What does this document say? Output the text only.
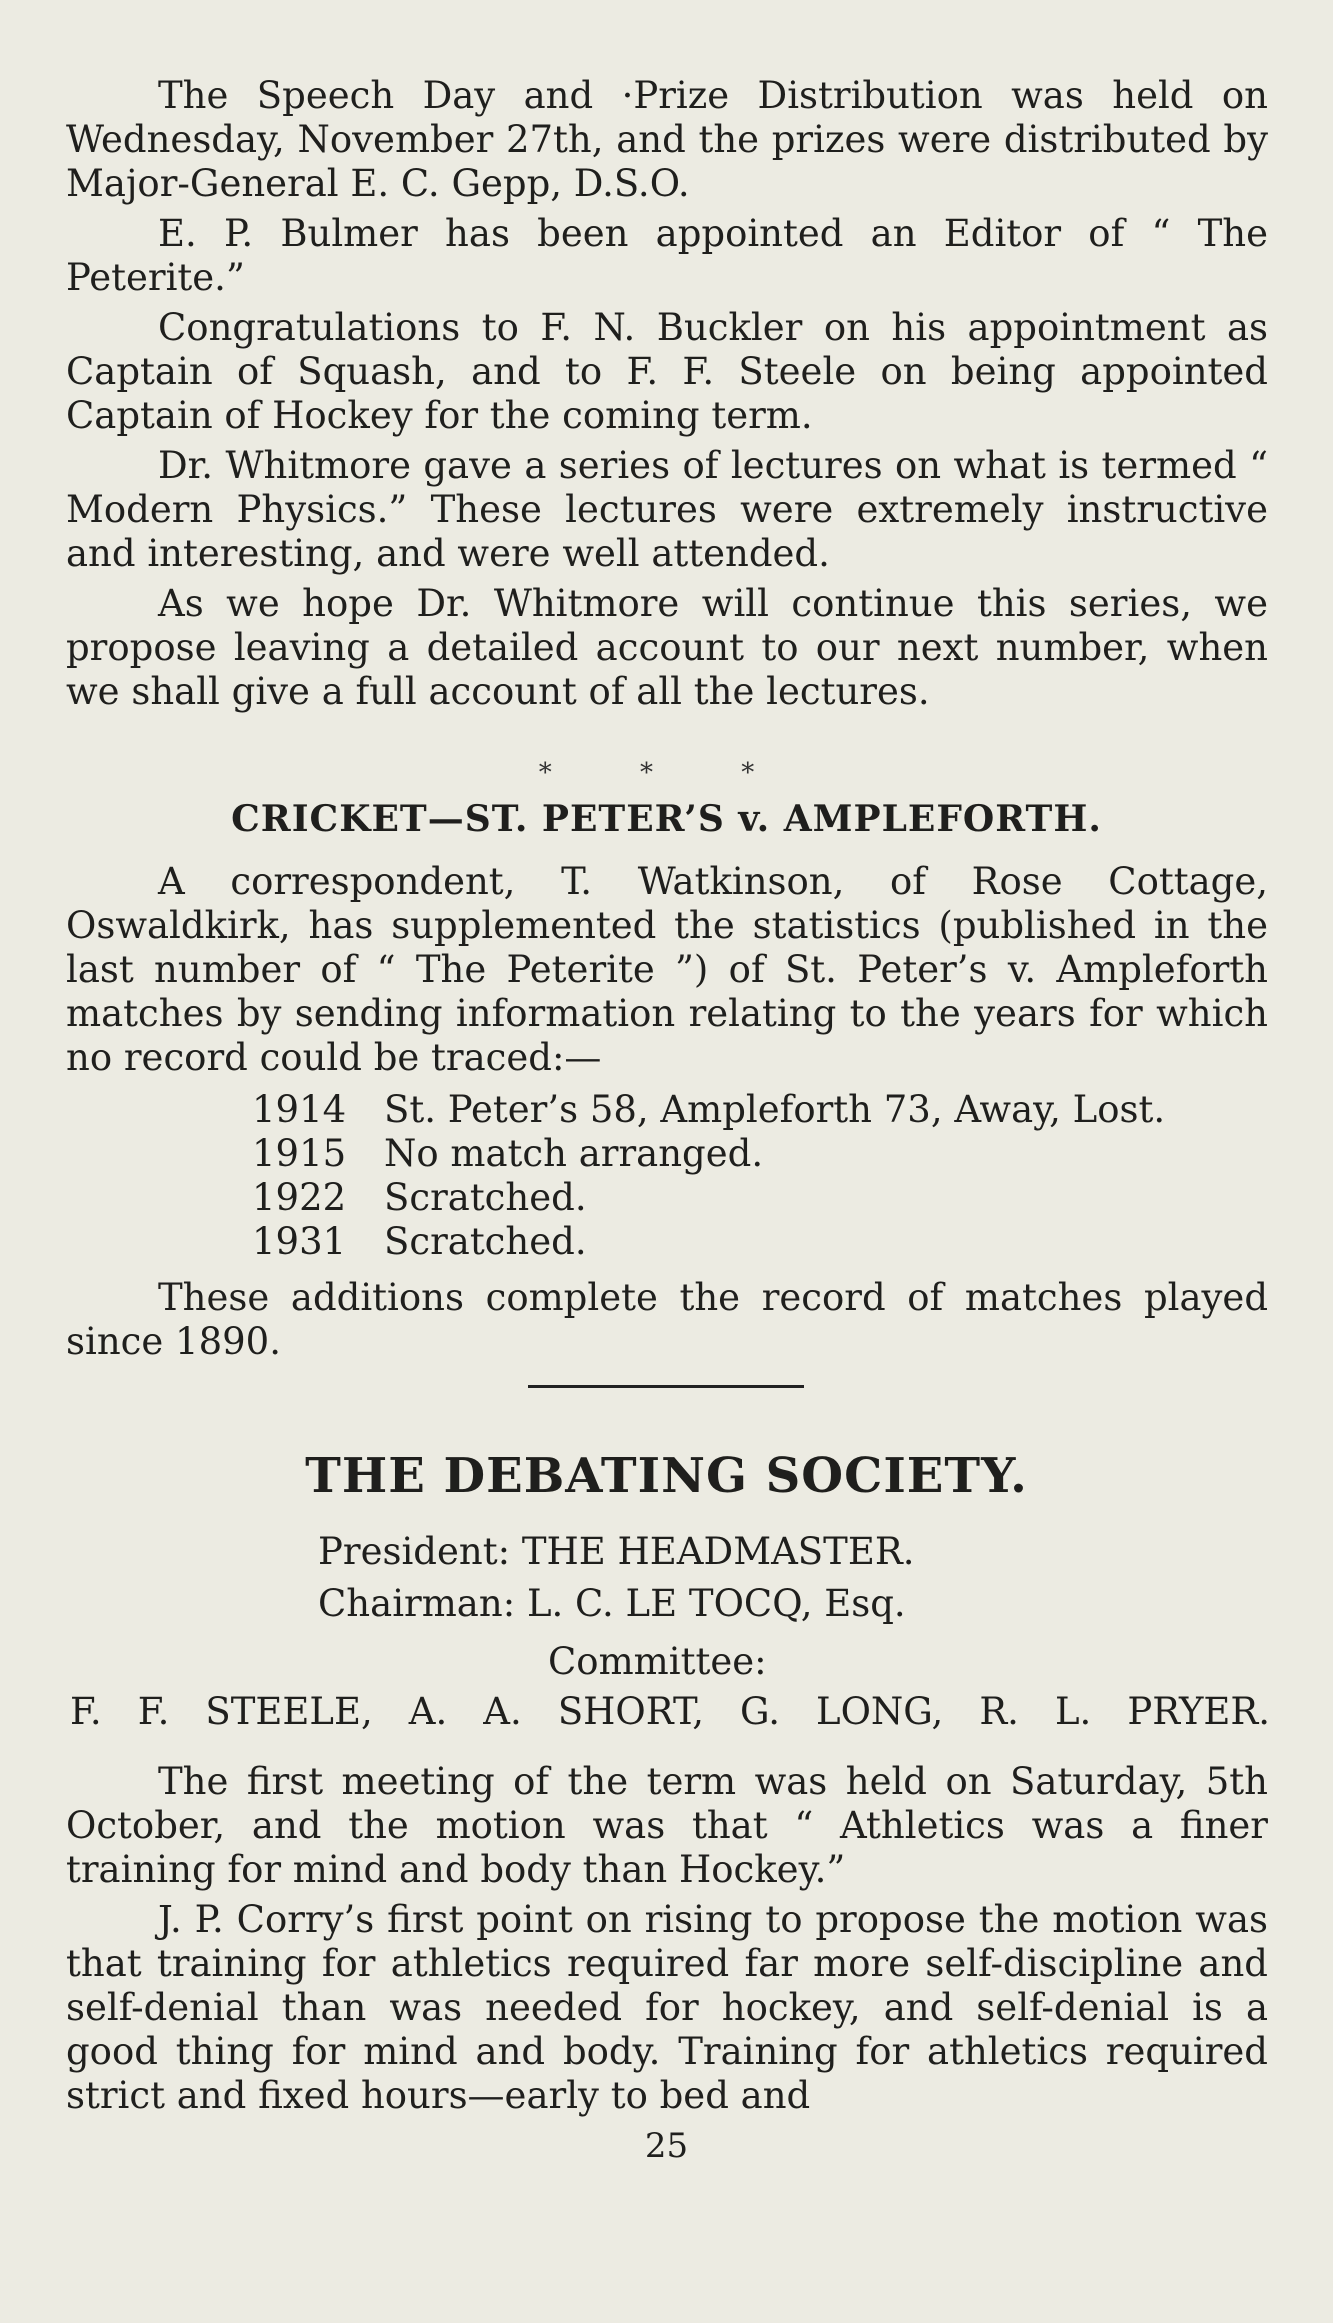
The Speech Day and ·Prize Distribution was held on Wednesday, November 27th, and the prizes were distributed by Major-General E. C. Gepp, D.S.O.

E. P. Bulmer has been appointed an Editor of “ The Peterite.”

Congratulations to F. N. Buckler on his appointment as Captain of Squash, and to F. F. Steele on being appointed Captain of Hockey for the coming term.

Dr. Whitmore gave a series of lectures on what is termed “ Modern Physics.” These lectures were extremely instructive and interesting, and were well attended.

As we hope Dr. Whitmore will continue this series, we propose leaving a detailed account to our next number, when we shall give a full account of all the lectures.

* * *
CRICKET—ST. PETER’S v. AMPLEFORTH.

A correspondent, T. Watkinson, of Rose Cottage, Oswaldkirk, has supplemented the statistics (published in the last number of “ The Peterite ”) of St. Peter’s v. Ampleforth matches by sending information relating to the years for which no record could be traced:—

1914	St. Peter’s 58, Ampleforth 73, Away, Lost.
1915	No match arranged.
1922	Scratched.
1931	Scratched.

These additions complete the record of matches played since 1890.

THE DEBATING SOCIETY.
President: THE HEADMASTER.
Chairman: L. C. LE TOCQ, Esq.
Committee:
F. F. STEELE, A. A. SHORT, G. LONG, R. L. PRYER.

The first meeting of the term was held on Saturday, 5th October, and the motion was that “ Athletics was a finer training for mind and body than Hockey.”

J. P. Corry’s first point on rising to propose the motion was that training for athletics required far more self-discipline and self-denial than was needed for hockey, and self-denial is a good thing for mind and body. Training for athletics required strict and fixed hours—early to bed and

25
